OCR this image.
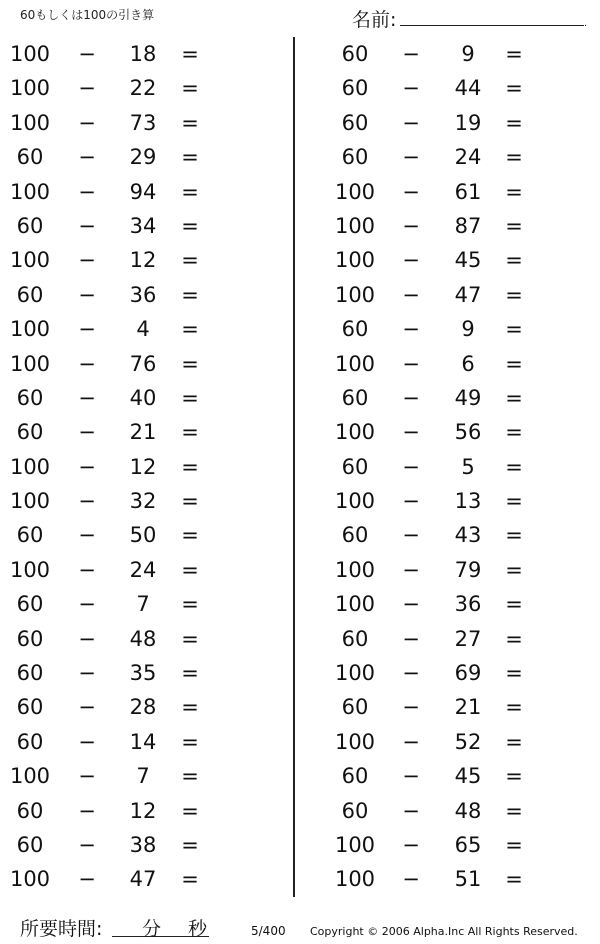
60もしくは100の引き算	名前:	.
100 −	18	=
100 −	22	=
100 −	73	=
60	−	29	=
100 −	94	=
60	−	34	=
100 −	12	=
60	−	36	=
100 −	4	=
100 −	76	=
60	−	40	=
60	−	21	=
100 −	12	=
100 −	32	=
60	−	50	=
100 −	24	=
60	−	7	=
60	−	48	=
60	−	35	=
60	−	28	=
60	−	14	=
100 −	7	=
60	−	12	=
60	−	38	=
100 −	47	=
60	−	9	=
60	−	44	=
60	−	19	=
60	−	24	=
100 −	61	=
100 −	87	=
100 −	45	=
100 −	47	=
60	−	9	=
100 −	6	=
60	−	49	=
100 −	56	=
60	−	5	=
100 −	13	=
60	−	43	=
100 −	79	=
100 −	36	=
60	−	27	=
100 −	69	=
60	−	21	=
100 −	52	=
60	−	45	=
60	−	48	=
100 −	65	=
100 −	51	=
所要時間: 分 秒	5/400 Copyright © 2006 Alpha.Inc All Rights Reserved.
